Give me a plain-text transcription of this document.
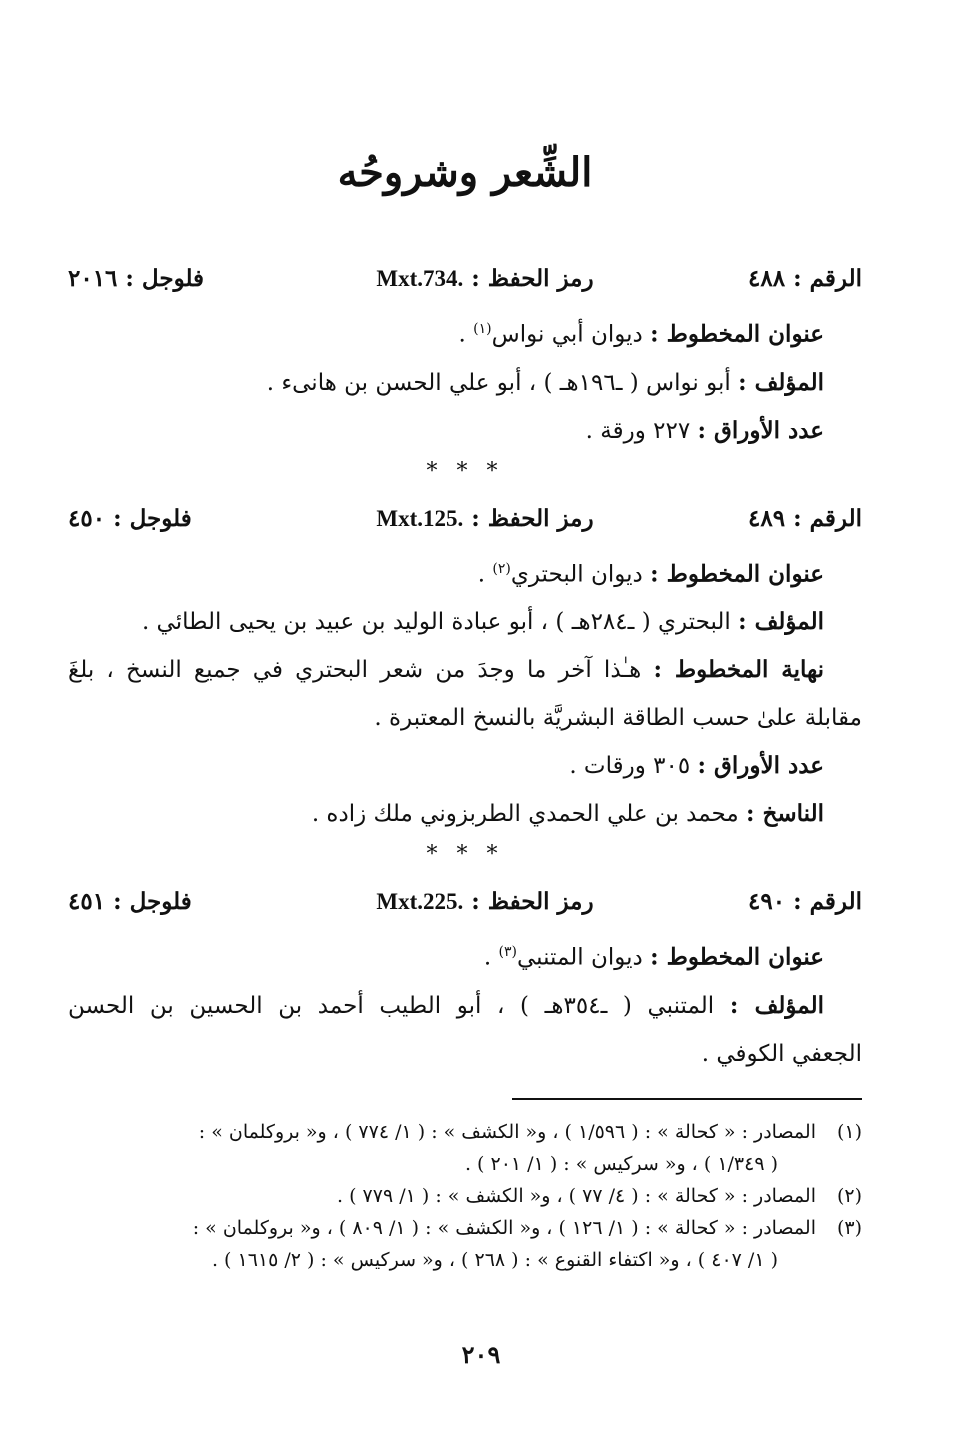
الشِّعر وشروحُه
الرقم : ٤٨٨
رمز الحفظ : Mxt.734.
فلوجل : ٢٠١٦

عنوان المخطوط : ديوان أبي نواس$^{(١)}$ .

المؤلف : أبو نواس ( ـ١٩٦هـ ) ، أبو علي الحسن بن هانىء .

عدد الأوراق : ٢٢٧ ورقة .

* * *
الرقم : ٤٨٩
رمز الحفظ : Mxt.125.
فلوجل : ٤٥٠

عنوان المخطوط : ديوان البحتري$^{(٢)}$ .

المؤلف : البحتري ( ـ٢٨٤هـ ) ، أبو عبادة الوليد بن عبيد بن يحيى الطائي .

نهاية المخطوط : هـٰذا آخر ما وجدَ من شعر البحتري في جميع النسخ ، بلغَ

مقابلة علىٰ حسب الطاقة البشريَّة بالنسخ المعتبرة .

عدد الأوراق : ٣٠٥ ورقات .

الناسخ : محمد بن علي الحمدي الطربزوني ملك زاده .

* * *
الرقم : ٤٩٠
رمز الحفظ : Mxt.225.
فلوجل : ٤٥١

عنوان المخطوط : ديوان المتنبي$^{(٣)}$ .

المؤلف : المتنبي ( ـ٣٥٤هـ ) ، أبو الطيب أحمد بن الحسين بن الحسن

الجعفي الكوفي .

(١)
المصادر : « كحالة » : ( ١/٥٩٦ ) ، و« الكشف » : ( ١/ ٧٧٤ ) ، و« بروكلمان » :
( ١/٣٤٩ ) ، و« سركيس » : ( ١/ ٢٠١ ) .
(٢)
المصادر : « كحالة » : ( ٤/ ٧٧ ) ، و« الكشف » : ( ١/ ٧٧٩ ) .
(٣)
المصادر : « كحالة » : ( ١/ ١٢٦ ) ، و« الكشف » : ( ١/ ٨٠٩ ) ، و« بروكلمان » :
( ١/ ٤٠٧ ) ، و« اكتفاء القنوع » : ( ٢٦٨ ) ، و« سركيس » : ( ٢/ ١٦١٥ ) .
٢٠٩
